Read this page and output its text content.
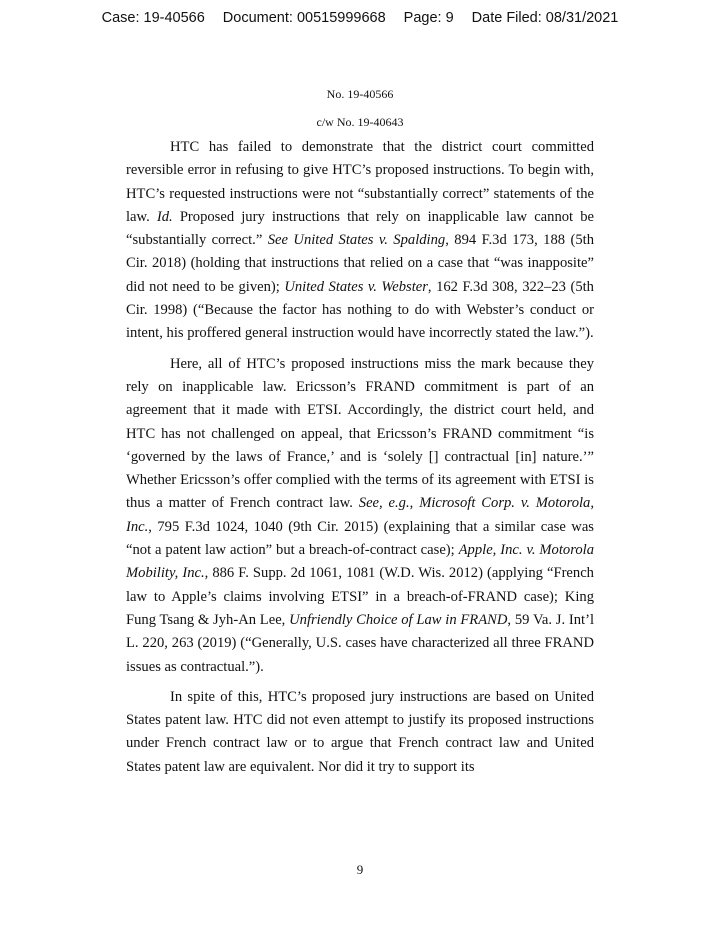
Case: 19-40566 Document: 00515999668 Page: 9 Date Filed: 08/31/2021
No. 19-40566
c/w No. 19-40643

HTC has failed to demonstrate that the district court committed reversible error in refusing to give HTC’s proposed instructions. To begin with, HTC’s requested instructions were not “substantially correct” statements of the law. Id. Proposed jury instructions that rely on inapplicable law cannot be “substantially correct.” See United States v. Spalding, 894 F.3d 173, 188 (5th Cir. 2018) (holding that instructions that relied on a case that “was inapposite” did not need to be given); United States v. Webster, 162 F.3d 308, 322–23 (5th Cir. 1998) (“Because the factor has nothing to do with Webster’s conduct or intent, his proffered general instruction would have incorrectly stated the law.”).

Here, all of HTC’s proposed instructions miss the mark because they rely on inapplicable law. Ericsson’s FRAND commitment is part of an agreement that it made with ETSI. Accordingly, the district court held, and HTC has not challenged on appeal, that Ericsson’s FRAND commitment “is ‘governed by the laws of France,’ and is ‘solely [] contractual [in] nature.’” Whether Ericsson’s offer complied with the terms of its agreement with ETSI is thus a matter of French contract law. See, e.g., Microsoft Corp. v. Motorola, Inc., 795 F.3d 1024, 1040 (9th Cir. 2015) (explaining that a similar case was “not a patent law action” but a breach-of-contract case); Apple, Inc. v. Motorola Mobility, Inc., 886 F. Supp. 2d 1061, 1081 (W.D. Wis. 2012) (applying “French law to Apple’s claims involving ETSI” in a breach-of-FRAND case); King Fung Tsang & Jyh-An Lee, Unfriendly Choice of Law in FRAND, 59 Va. J. Int’l L. 220, 263 (2019) (“Generally, U.S. cases have characterized all three FRAND issues as contractual.”).

In spite of this, HTC’s proposed jury instructions are based on United States patent law. HTC did not even attempt to justify its proposed instructions under French contract law or to argue that French contract law and United States patent law are equivalent. Nor did it try to support its

9
